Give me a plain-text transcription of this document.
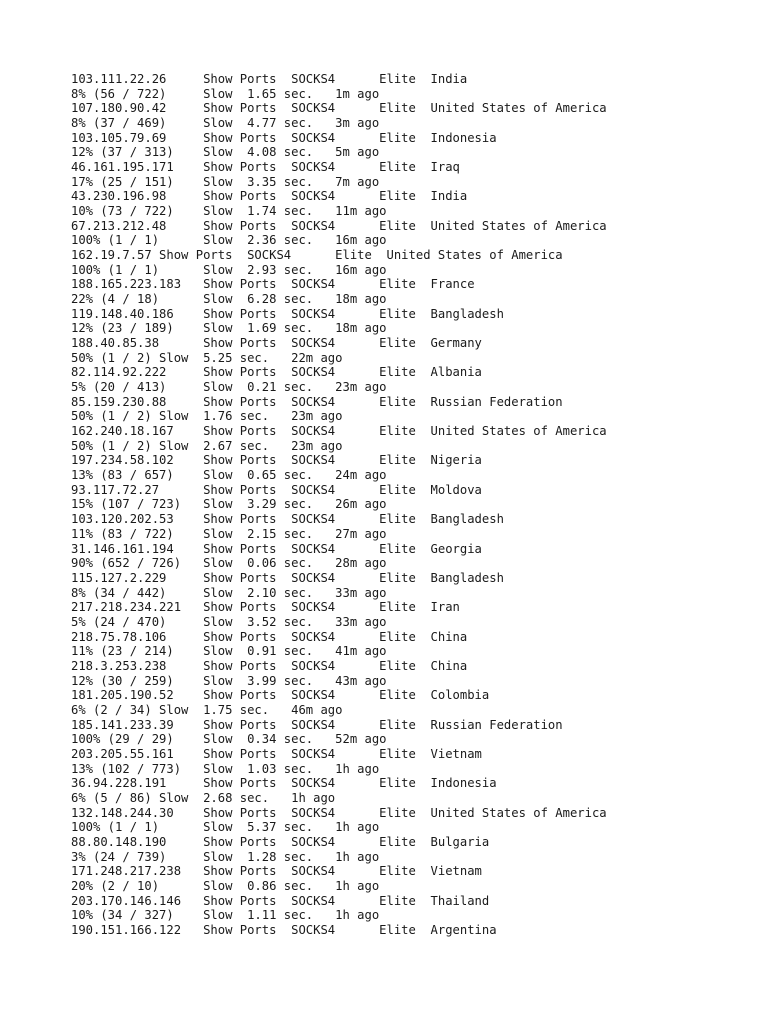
103.111.22.26     Show Ports  SOCKS4      Elite  India
8% (56 / 722)     Slow  1.65 sec.   1m ago
107.180.90.42     Show Ports  SOCKS4      Elite  United States of America
8% (37 / 469)     Slow  4.77 sec.   3m ago
103.105.79.69     Show Ports  SOCKS4      Elite  Indonesia
12% (37 / 313)    Slow  4.08 sec.   5m ago
46.161.195.171    Show Ports  SOCKS4      Elite  Iraq
17% (25 / 151)    Slow  3.35 sec.   7m ago
43.230.196.98     Show Ports  SOCKS4      Elite  India
10% (73 / 722)    Slow  1.74 sec.   11m ago
67.213.212.48     Show Ports  SOCKS4      Elite  United States of America
100% (1 / 1)      Slow  2.36 sec.   16m ago
162.19.7.57 Show Ports  SOCKS4      Elite  United States of America
100% (1 / 1)      Slow  2.93 sec.   16m ago
188.165.223.183   Show Ports  SOCKS4      Elite  France
22% (4 / 18)      Slow  6.28 sec.   18m ago
119.148.40.186    Show Ports  SOCKS4      Elite  Bangladesh
12% (23 / 189)    Slow  1.69 sec.   18m ago
188.40.85.38      Show Ports  SOCKS4      Elite  Germany
50% (1 / 2) Slow  5.25 sec.   22m ago
82.114.92.222     Show Ports  SOCKS4      Elite  Albania
5% (20 / 413)     Slow  0.21 sec.   23m ago
85.159.230.88     Show Ports  SOCKS4      Elite  Russian Federation
50% (1 / 2) Slow  1.76 sec.   23m ago
162.240.18.167    Show Ports  SOCKS4      Elite  United States of America
50% (1 / 2) Slow  2.67 sec.   23m ago
197.234.58.102    Show Ports  SOCKS4      Elite  Nigeria
13% (83 / 657)    Slow  0.65 sec.   24m ago
93.117.72.27      Show Ports  SOCKS4      Elite  Moldova
15% (107 / 723)   Slow  3.29 sec.   26m ago
103.120.202.53    Show Ports  SOCKS4      Elite  Bangladesh
11% (83 / 722)    Slow  2.15 sec.   27m ago
31.146.161.194    Show Ports  SOCKS4      Elite  Georgia
90% (652 / 726)   Slow  0.06 sec.   28m ago
115.127.2.229     Show Ports  SOCKS4      Elite  Bangladesh
8% (34 / 442)     Slow  2.10 sec.   33m ago
217.218.234.221   Show Ports  SOCKS4      Elite  Iran
5% (24 / 470)     Slow  3.52 sec.   33m ago
218.75.78.106     Show Ports  SOCKS4      Elite  China
11% (23 / 214)    Slow  0.91 sec.   41m ago
218.3.253.238     Show Ports  SOCKS4      Elite  China
12% (30 / 259)    Slow  3.99 sec.   43m ago
181.205.190.52    Show Ports  SOCKS4      Elite  Colombia
6% (2 / 34) Slow  1.75 sec.   46m ago
185.141.233.39    Show Ports  SOCKS4      Elite  Russian Federation
100% (29 / 29)    Slow  0.34 sec.   52m ago
203.205.55.161    Show Ports  SOCKS4      Elite  Vietnam
13% (102 / 773)   Slow  1.03 sec.   1h ago
36.94.228.191     Show Ports  SOCKS4      Elite  Indonesia
6% (5 / 86) Slow  2.68 sec.   1h ago
132.148.244.30    Show Ports  SOCKS4      Elite  United States of America
100% (1 / 1)      Slow  5.37 sec.   1h ago
88.80.148.190     Show Ports  SOCKS4      Elite  Bulgaria
3% (24 / 739)     Slow  1.28 sec.   1h ago
171.248.217.238   Show Ports  SOCKS4      Elite  Vietnam
20% (2 / 10)      Slow  0.86 sec.   1h ago
203.170.146.146   Show Ports  SOCKS4      Elite  Thailand
10% (34 / 327)    Slow  1.11 sec.   1h ago
190.151.166.122   Show Ports  SOCKS4      Elite  Argentina
